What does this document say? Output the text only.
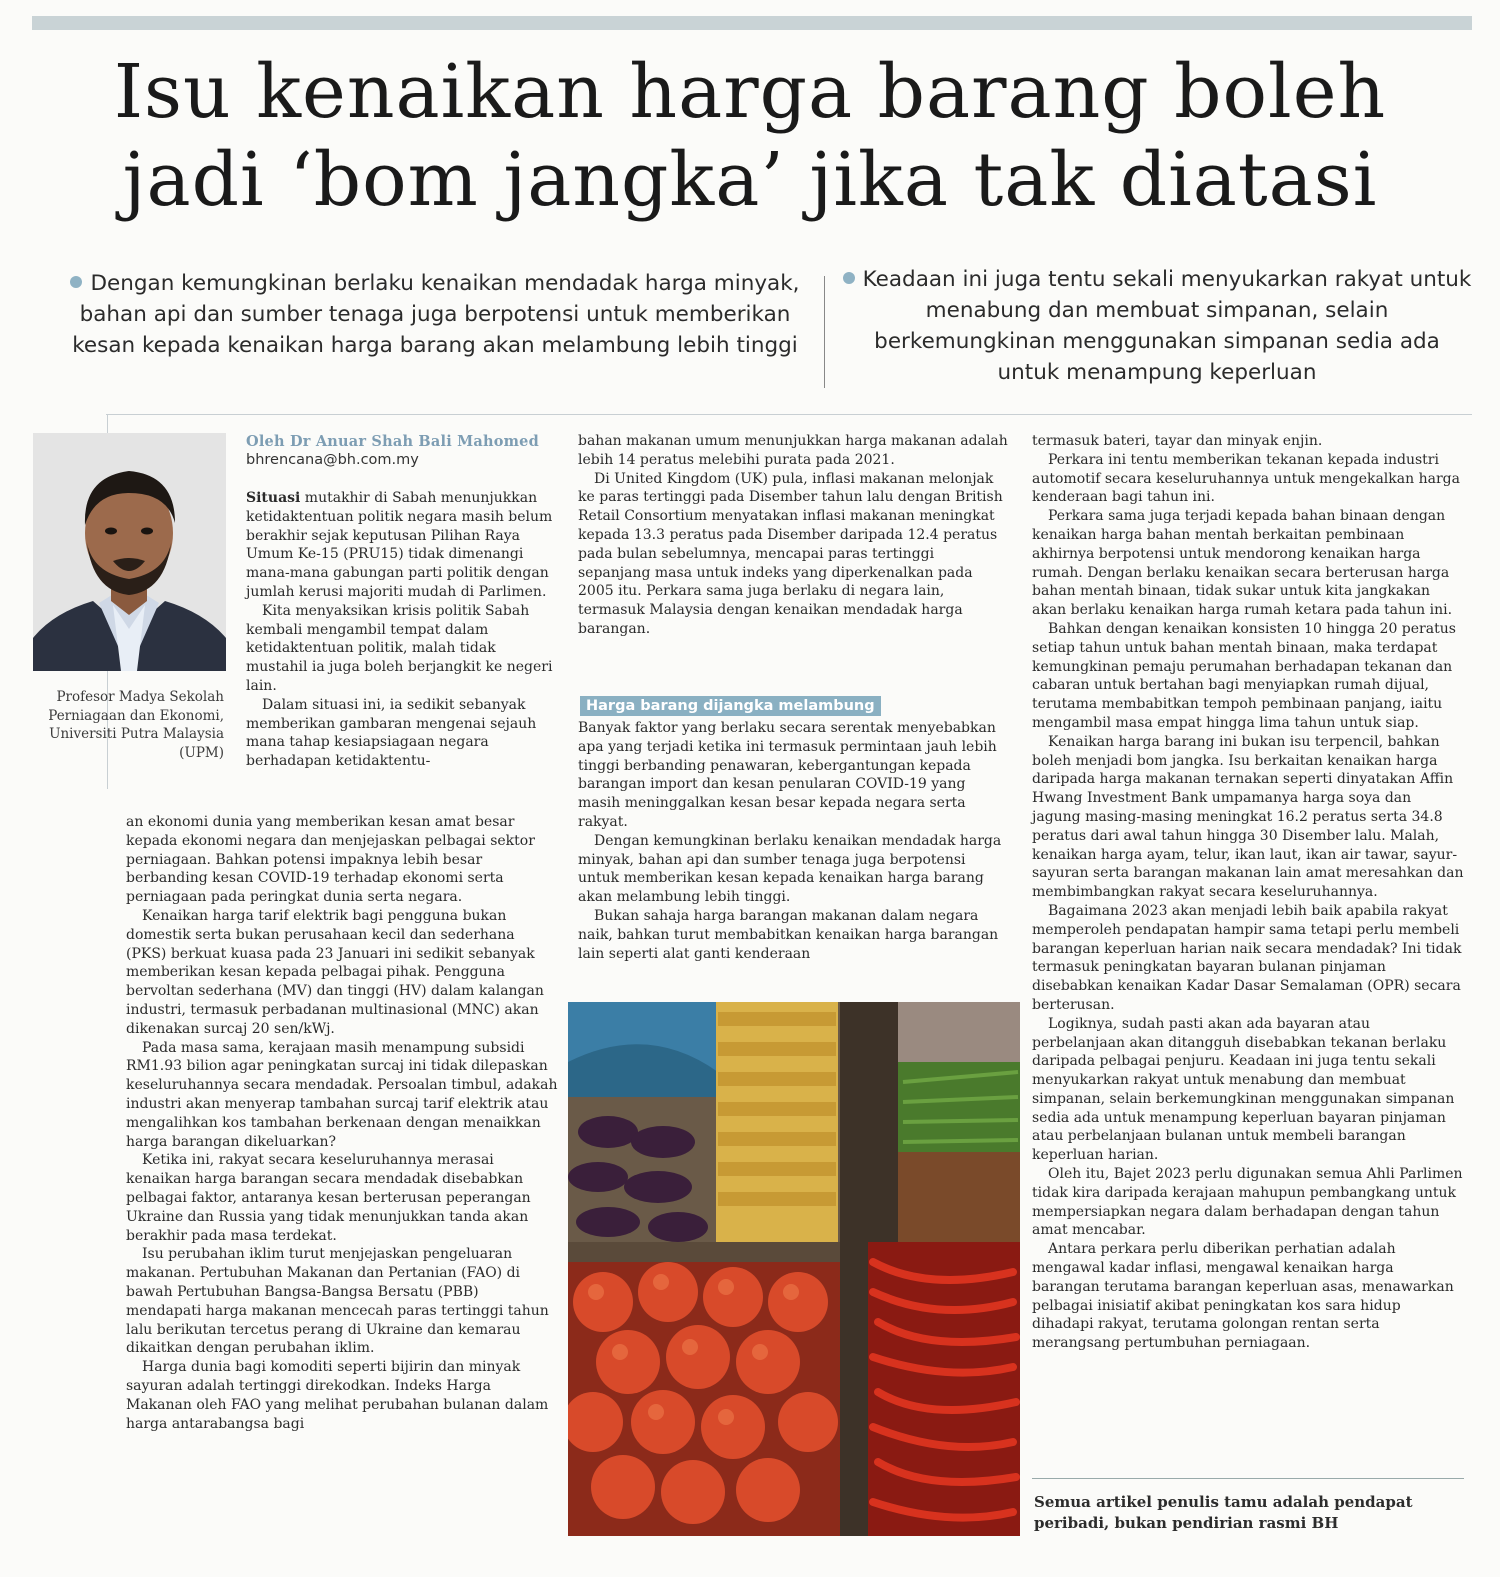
Isu kenaikan harga barang boleh
jadi ‘bom jangka’ jika tak diatasi

Dengan kemungkinan berlaku kenaikan mendadak harga minyak, bahan api dan sumber tenaga juga berpotensi untuk memberikan kesan kepada kenaikan harga barang akan melambung lebih tinggi

Keadaan ini juga tentu sekali menyukarkan rakyat untuk menabung dan membuat simpanan, selain berkemungkinan menggunakan simpanan sedia ada untuk menampung keperluan

Profesor Madya Sekolah Perniagaan dan Ekonomi, Universiti Putra Malaysia (UPM)

Oleh Dr Anuar Shah Bali Mahomed

bhrencana@bh.com.my

Situasi mutakhir di Sabah menunjukkan ketidaktentuan politik negara masih belum berakhir sejak keputusan Pilihan Raya Umum Ke-15 (PRU15) tidak dimenangi mana-mana gabungan parti politik dengan jumlah kerusi majoriti mudah di Parlimen.

Kita menyaksikan krisis politik Sabah kembali mengambil tempat dalam ketidaktentuan politik, malah tidak mustahil ia juga boleh berjangkit ke negeri lain.

Dalam situasi ini, ia sedikit sebanyak memberikan gambaran mengenai sejauh mana tahap kesiapsiagaan negara berhadapan ketidaktentu-

an ekonomi dunia yang memberikan kesan amat besar kepada ekonomi negara dan menjejaskan pelbagai sektor perniagaan. Bahkan potensi impaknya lebih besar berbanding kesan COVID-19 terhadap ekonomi serta perniagaan pada peringkat dunia serta negara.

Kenaikan harga tarif elektrik bagi pengguna bukan domestik serta bukan perusahaan kecil dan sederhana (PKS) berkuat kuasa pada 23 Januari ini sedikit sebanyak memberikan kesan kepada pelbagai pihak. Pengguna bervoltan sederhana (MV) dan tinggi (HV) dalam kalangan industri, termasuk perbadanan multinasional (MNC) akan dikenakan surcaj 20 sen/kWj.

Pada masa sama, kerajaan masih menampung subsidi RM1.93 bilion agar peningkatan surcaj ini tidak dilepaskan keseluruhannya secara mendadak. Persoalan timbul, adakah industri akan menyerap tambahan surcaj tarif elektrik atau mengalihkan kos tambahan berkenaan dengan menaikkan harga barangan dikeluarkan?

Ketika ini, rakyat secara keseluruhannya merasai kenaikan harga barangan secara mendadak disebabkan pelbagai faktor, antaranya kesan berterusan peperangan Ukraine dan Russia yang tidak menunjukkan tanda akan berakhir pada masa terdekat.

Isu perubahan iklim turut menjejaskan pengeluaran makanan. Pertubuhan Makanan dan Pertanian (FAO) di bawah Pertubuhan Bangsa-Bangsa Bersatu (PBB) mendapati harga makanan mencecah paras tertinggi tahun lalu berikutan tercetus perang di Ukraine dan kemarau dikaitkan dengan perubahan iklim.

Harga dunia bagi komoditi seperti bijirin dan minyak sayuran adalah tertinggi direkodkan. Indeks Harga Makanan oleh FAO yang melihat perubahan bulanan dalam harga antarabangsa bagi

bahan makanan umum menunjukkan harga makanan adalah lebih 14 peratus melebihi purata pada 2021.

Di United Kingdom (UK) pula, inflasi makanan melonjak ke paras tertinggi pada Disember tahun lalu dengan British Retail Consortium menyatakan inflasi makanan meningkat kepada 13.3 peratus pada Disember daripada 12.4 peratus pada bulan sebelumnya, mencapai paras tertinggi sepanjang masa untuk indeks yang diperkenalkan pada 2005 itu. Perkara sama juga berlaku di negara lain, termasuk Malaysia dengan kenaikan mendadak harga barangan.

Harga barang dijangka melambung

Banyak faktor yang berlaku secara serentak menyebabkan apa yang terjadi ketika ini termasuk permintaan jauh lebih tinggi berbanding penawaran, kebergantungan kepada barangan import dan kesan penularan COVID-19 yang masih meninggalkan kesan besar kepada negara serta rakyat.

Dengan kemungkinan berlaku kenaikan mendadak harga minyak, bahan api dan sumber tenaga juga berpotensi untuk memberikan kesan kepada kenaikan harga barang akan melambung lebih tinggi.

Bukan sahaja harga barangan makanan dalam negara naik, bahkan turut membabitkan kenaikan harga barangan lain seperti alat ganti kenderaan

termasuk bateri, tayar dan minyak enjin.

Perkara ini tentu memberikan tekanan kepada industri automotif secara keseluruhannya untuk mengekalkan harga kenderaan bagi tahun ini.

Perkara sama juga terjadi kepada bahan binaan dengan kenaikan harga bahan mentah berkaitan pembinaan akhirnya berpotensi untuk mendorong kenaikan harga rumah. Dengan berlaku kenaikan secara berterusan harga bahan mentah binaan, tidak sukar untuk kita jangkakan akan berlaku kenaikan harga rumah ketara pada tahun ini.

Bahkan dengan kenaikan konsisten 10 hingga 20 peratus setiap tahun untuk bahan mentah binaan, maka terdapat kemungkinan pemaju perumahan berhadapan tekanan dan cabaran untuk bertahan bagi menyiapkan rumah dijual, terutama membabitkan tempoh pembinaan panjang, iaitu mengambil masa empat hingga lima tahun untuk siap.

Kenaikan harga barang ini bukan isu terpencil, bahkan boleh menjadi bom jangka. Isu berkaitan kenaikan harga daripada harga makanan ternakan seperti dinyatakan Affin Hwang Investment Bank umpamanya harga soya dan jagung masing-masing meningkat 16.2 peratus serta 34.8 peratus dari awal tahun hingga 30 Disember lalu. Malah, kenaikan harga ayam, telur, ikan laut, ikan air tawar, sayur-sayuran serta barangan makanan lain amat meresahkan dan membimbangkan rakyat secara keseluruhannya.

Bagaimana 2023 akan menjadi lebih baik apabila rakyat memperoleh pendapatan hampir sama tetapi perlu membeli barangan keperluan harian naik secara mendadak? Ini tidak termasuk peningkatan bayaran bulanan pinjaman disebabkan kenaikan Kadar Dasar Semalaman (OPR) secara berterusan.

Logiknya, sudah pasti akan ada bayaran atau perbelanjaan akan ditangguh disebabkan tekanan berlaku daripada pelbagai penjuru. Keadaan ini juga tentu sekali menyukarkan rakyat untuk menabung dan membuat simpanan, selain berkemungkinan menggunakan simpanan sedia ada untuk menampung keperluan bayaran pinjaman atau perbelanjaan bulanan untuk membeli barangan keperluan harian.

Oleh itu, Bajet 2023 perlu digunakan semua Ahli Parlimen tidak kira daripada kerajaan mahupun pembangkang untuk mempersiapkan negara dalam berhadapan dengan tahun amat mencabar.

Antara perkara perlu diberikan perhatian adalah mengawal kadar inflasi, mengawal kenaikan harga barangan terutama barangan keperluan asas, menawarkan pelbagai inisiatif akibat peningkatan kos sara hidup dihadapi rakyat, terutama golongan rentan serta merangsang pertumbuhan perniagaan.

Semua artikel penulis tamu adalah pendapat peribadi, bukan pendirian rasmi BH
